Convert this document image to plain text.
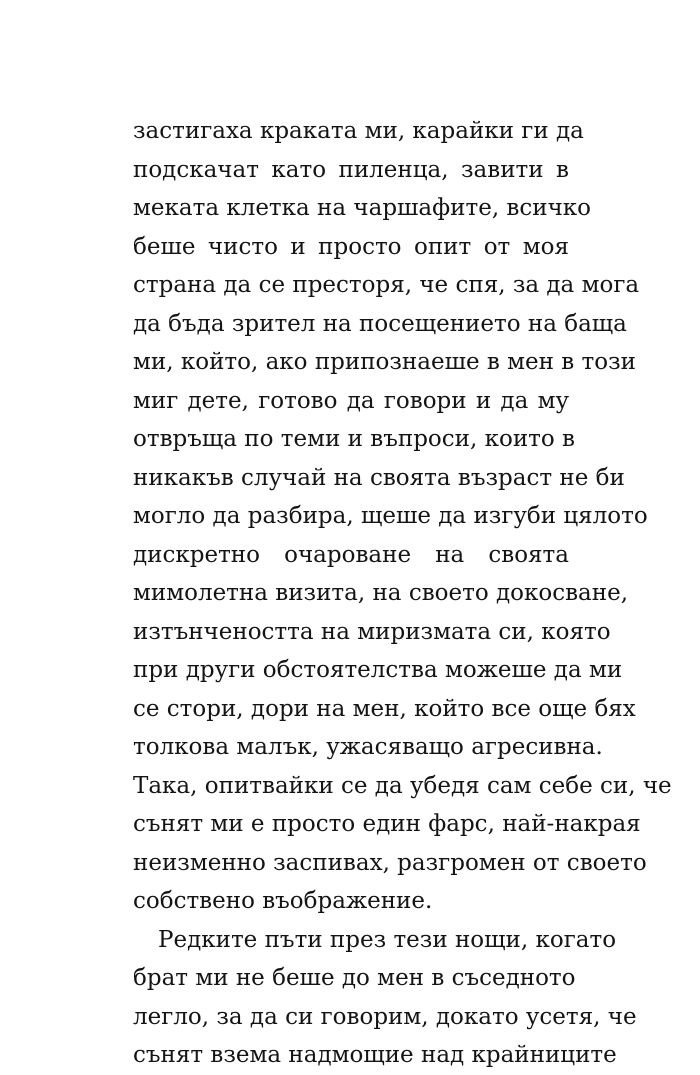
застигаха краката ми, карайки ги да
подскачат като пиленца, завити в
меката клетка на чаршафите, всичко
беше чисто и просто опит от моя
страна да се престоря, че спя, за да мога
да бъда зрител на посещението на баща
ми, който, ако припознаеше в мен в този
миг дете, готово да говори и да му
отвръща по теми и въпроси, които в
никакъв случай на своята възраст не би
могло да разбира, щеше да изгуби цялото
дискретно очароване на своята
мимолетна визита, на своето докосване,
изтънчеността на миризмата си, която
при други обстоятелства можеше да ми
се стори, дори на мен, който все още бях
толкова малък, ужасяващо агресивна.
Така, опитвайки се да убедя сам себе си, че
сънят ми е просто един фарс, най-накрая
неизменно заспивах, разгромен от своето
собствено въображение.
Редките пъти през тези нощи, когато
брат ми не беше до мен в съседното
легло, за да си говорим, докато усетя, че
сънят взема надмощие над крайниците
